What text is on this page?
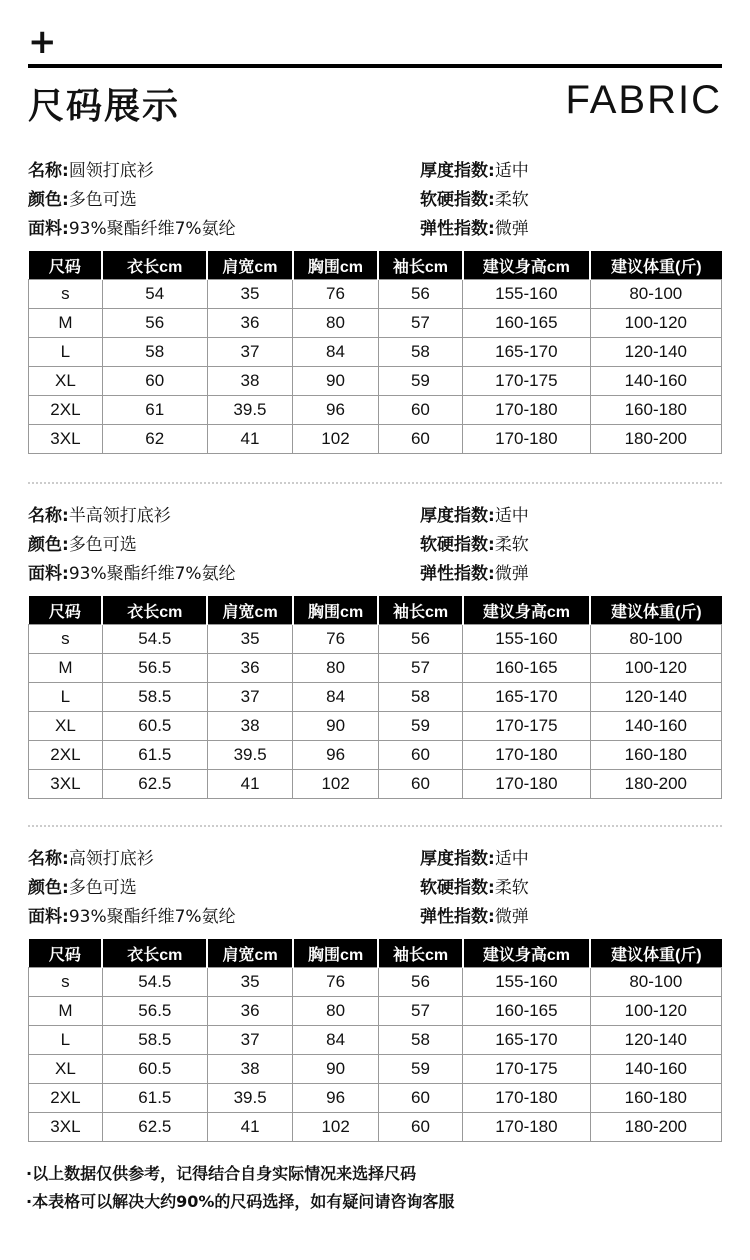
+
尺码展示	FABRIC
名称:圆领打底衫
颜色:多色可选
面料:93%聚酯纤维7%氨纶
厚度指数:适中
软硬指数:柔软
弹性指数:微弹
尺码	衣长cm	肩宽cm	胸围cm	袖长cm	建议身高cm	建议体重(斤)
s	54	35	76	56	155-160	80-100
M	56	36	80	57	160-165	100-120
L	58	37	84	58	165-170	120-140
XL	60	38	90	59	170-175	140-160
2XL	61	39.5	96	60	170-180	160-180
3XL	62	41	102	60	170-180	180-200
名称:半高领打底衫
颜色:多色可选
面料:93%聚酯纤维7%氨纶
厚度指数:适中
软硬指数:柔软
弹性指数:微弹
尺码	衣长cm	肩宽cm	胸围cm	袖长cm	建议身高cm	建议体重(斤)
s	54.5	35	76	56	155-160	80-100
M	56.5	36	80	57	160-165	100-120
L	58.5	37	84	58	165-170	120-140
XL	60.5	38	90	59	170-175	140-160
2XL	61.5	39.5	96	60	170-180	160-180
3XL	62.5	41	102	60	170-180	180-200
名称:高领打底衫
颜色:多色可选
面料:93%聚酯纤维7%氨纶
厚度指数:适中
软硬指数:柔软
弹性指数:微弹
尺码	衣长cm	肩宽cm	胸围cm	袖长cm	建议身高cm	建议体重(斤)
s	54.5	35	76	56	155-160	80-100
M	56.5	36	80	57	160-165	100-120
L	58.5	37	84	58	165-170	120-140
XL	60.5	38	90	59	170-175	140-160
2XL	61.5	39.5	96	60	170-180	160-180
3XL	62.5	41	102	60	170-180	180-200
·以上数据仅供参考，记得结合自身实际情况来选择尺码
·本表格可以解决大约90%的尺码选择，如有疑问请咨询客服
